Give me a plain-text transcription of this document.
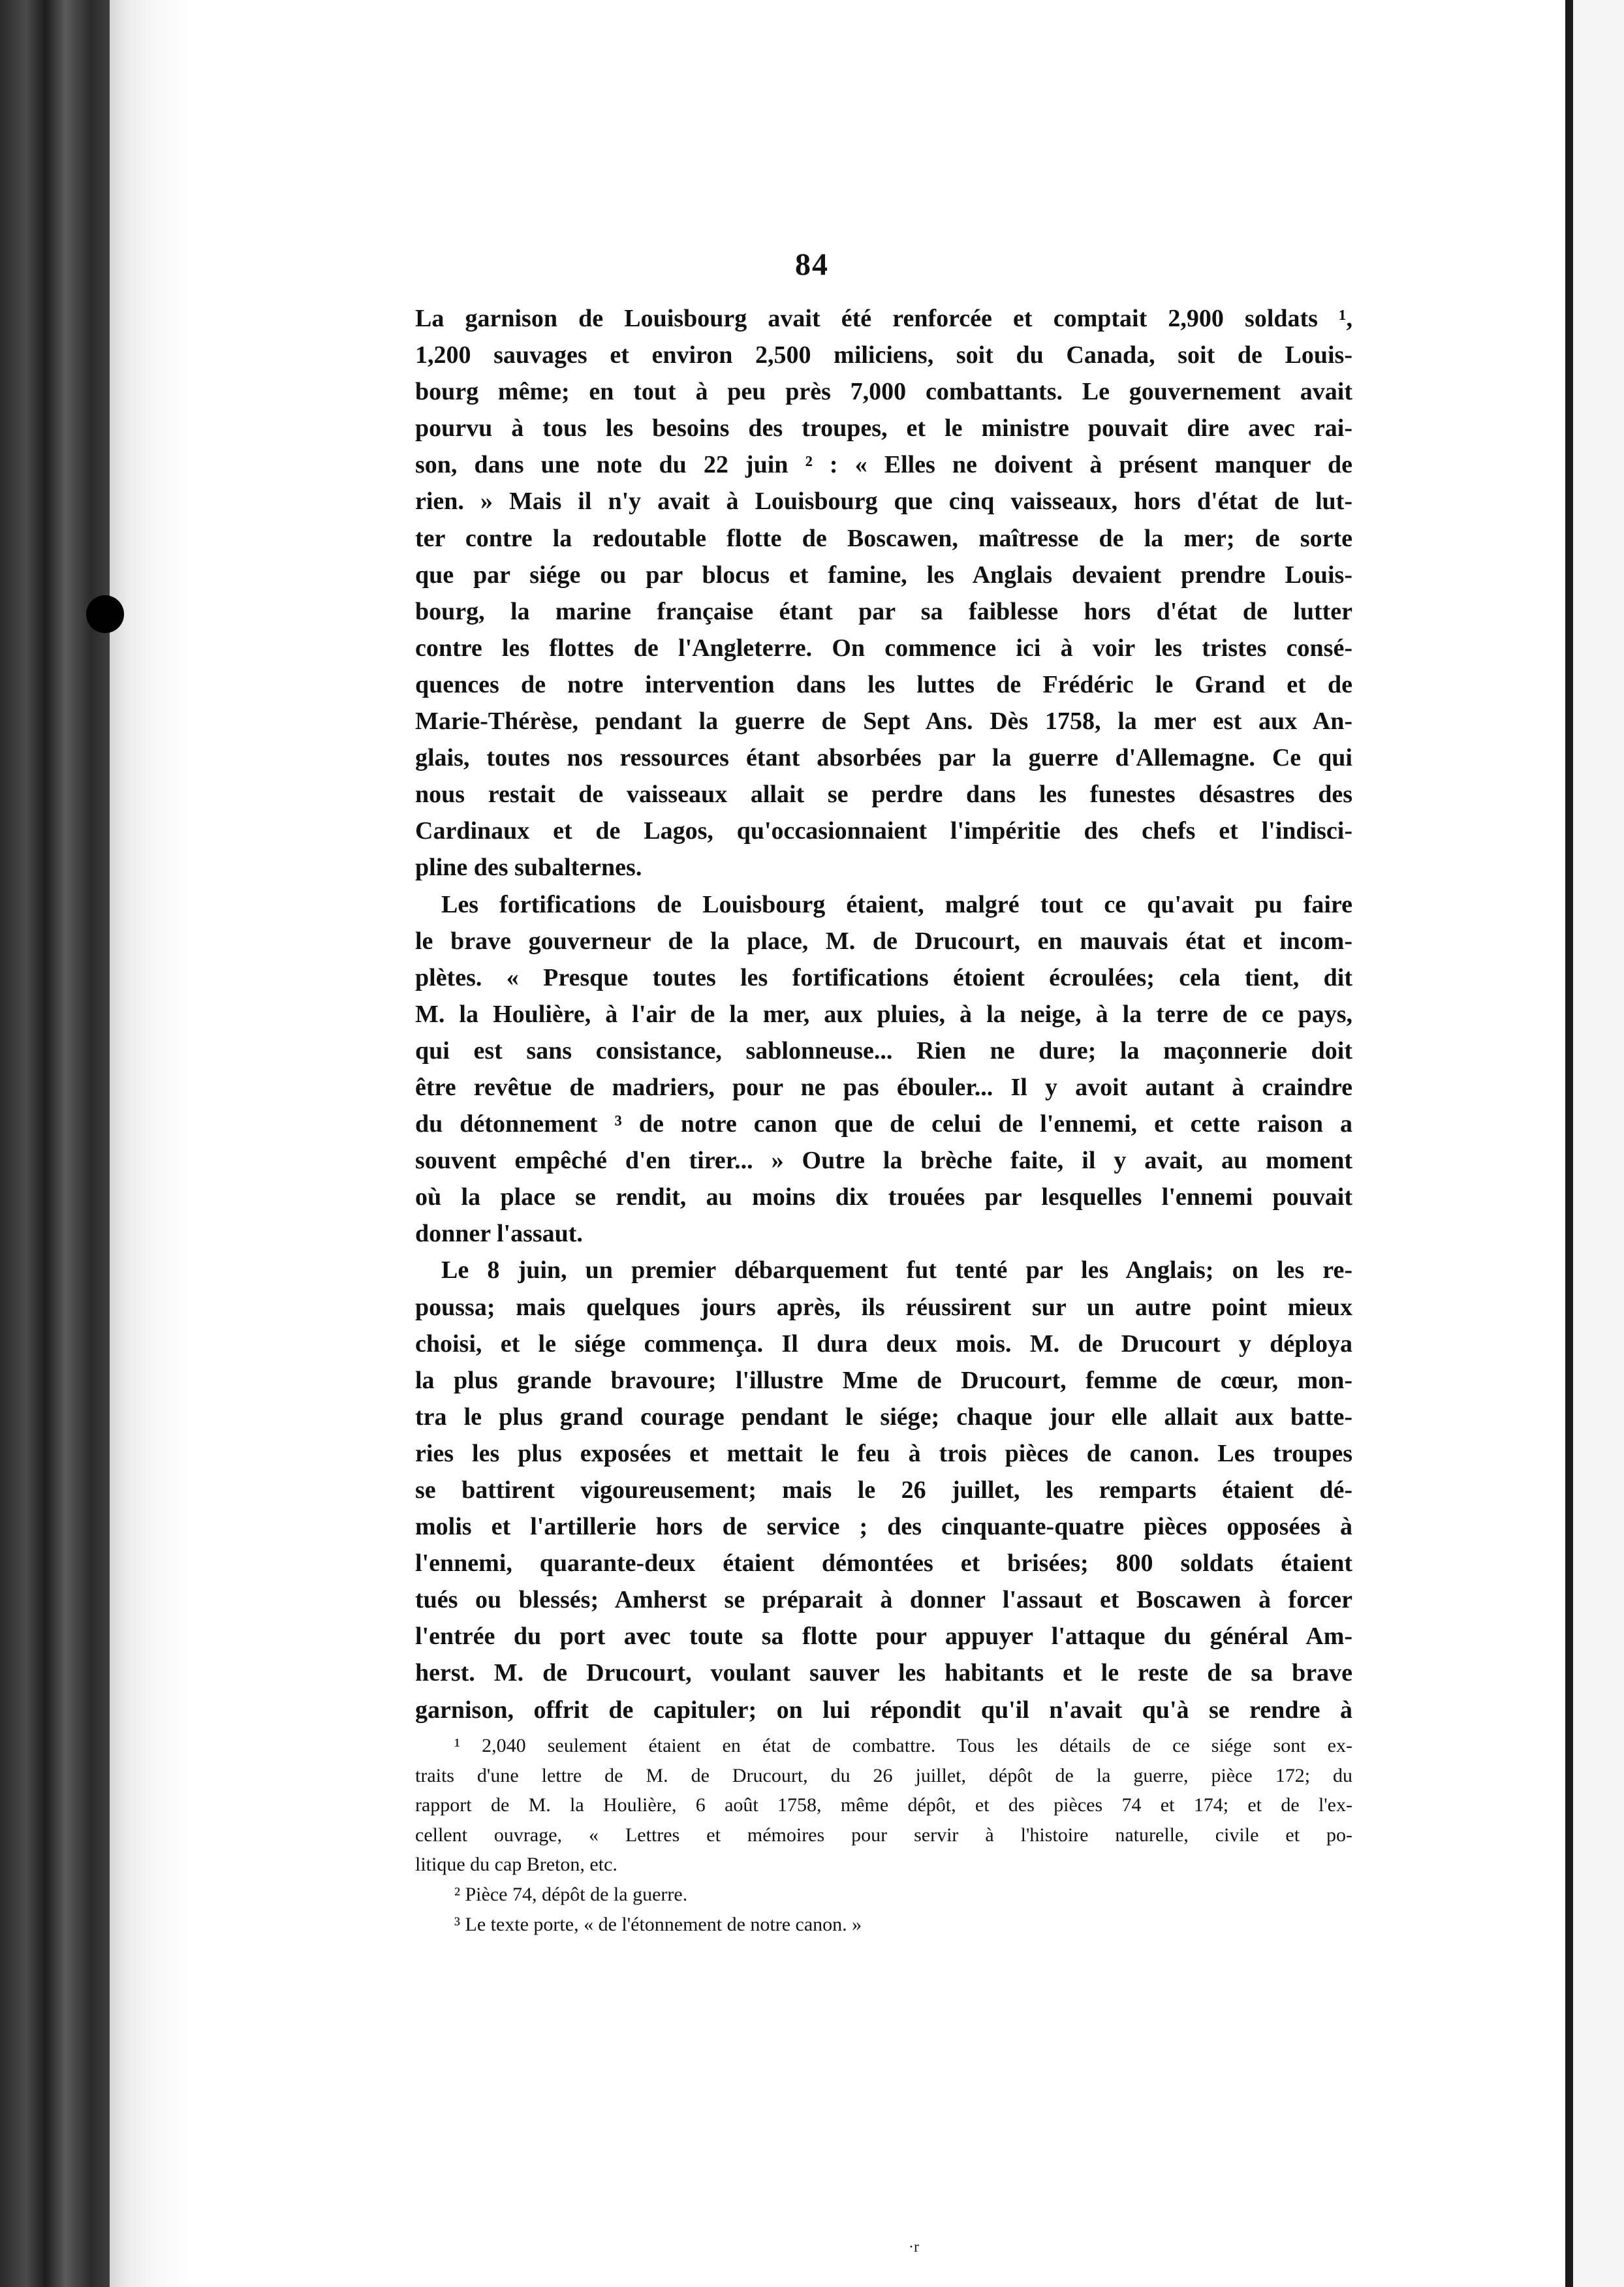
84
La garnison de Louisbourg avait été renforcée et comptait 2,900 soldats ¹,
1,200 sauvages et environ 2,500 miliciens, soit du Canada, soit de Louis-
bourg même; en tout à peu près 7,000 combattants. Le gouvernement avait
pourvu à tous les besoins des troupes, et le ministre pouvait dire avec rai-
son, dans une note du 22 juin ² : « Elles ne doivent à présent manquer de
rien. » Mais il n'y avait à Louisbourg que cinq vaisseaux, hors d'état de lut-
ter contre la redoutable flotte de Boscawen, maîtresse de la mer; de sorte
que par siége ou par blocus et famine, les Anglais devaient prendre Louis-
bourg, la marine française étant par sa faiblesse hors d'état de lutter
contre les flottes de l'Angleterre. On commence ici à voir les tristes consé-
quences de notre intervention dans les luttes de Frédéric le Grand et de
Marie-Thérèse, pendant la guerre de Sept Ans. Dès 1758, la mer est aux An-
glais, toutes nos ressources étant absorbées par la guerre d'Allemagne. Ce qui
nous restait de vaisseaux allait se perdre dans les funestes désastres des
Cardinaux et de Lagos, qu'occasionnaient l'impéritie des chefs et l'indisci-
pline des subalternes.
Les fortifications de Louisbourg étaient, malgré tout ce qu'avait pu faire
le brave gouverneur de la place, M. de Drucourt, en mauvais état et incom-
plètes. « Presque toutes les fortifications étoient écroulées; cela tient, dit
M. la Houlière, à l'air de la mer, aux pluies, à la neige, à la terre de ce pays,
qui est sans consistance, sablonneuse... Rien ne dure; la maçonnerie doit
être revêtue de madriers, pour ne pas ébouler... Il y avoit autant à craindre
du détonnement ³ de notre canon que de celui de l'ennemi, et cette raison a
souvent empêché d'en tirer... » Outre la brèche faite, il y avait, au moment
où la place se rendit, au moins dix trouées par lesquelles l'ennemi pouvait
donner l'assaut.
Le 8 juin, un premier débarquement fut tenté par les Anglais; on les re-
poussa; mais quelques jours après, ils réussirent sur un autre point mieux
choisi, et le siége commença. Il dura deux mois. M. de Drucourt y déploya
la plus grande bravoure; l'illustre Mme de Drucourt, femme de cœur, mon-
tra le plus grand courage pendant le siége; chaque jour elle allait aux batte-
ries les plus exposées et mettait le feu à trois pièces de canon. Les troupes
se battirent vigoureusement; mais le 26 juillet, les remparts étaient dé-
molis et l'artillerie hors de service ; des cinquante-quatre pièces opposées à
l'ennemi, quarante-deux étaient démontées et brisées; 800 soldats étaient
tués ou blessés; Amherst se préparait à donner l'assaut et Boscawen à forcer
l'entrée du port avec toute sa flotte pour appuyer l'attaque du général Am-
herst. M. de Drucourt, voulant sauver les habitants et le reste de sa brave
garnison, offrit de capituler; on lui répondit qu'il n'avait qu'à se rendre à
¹ 2,040 seulement étaient en état de combattre. Tous les détails de ce siége sont ex-
traits d'une lettre de M. de Drucourt, du 26 juillet, dépôt de la guerre, pièce 172; du
rapport de M. la Houlière, 6 août 1758, même dépôt, et des pièces 74 et 174; et de l'ex-
cellent ouvrage, « Lettres et mémoires pour servir à l'histoire naturelle, civile et po-
litique du cap Breton, etc.
² Pièce 74, dépôt de la guerre.
³ Le texte porte, « de l'étonnement de notre canon. »
·r
